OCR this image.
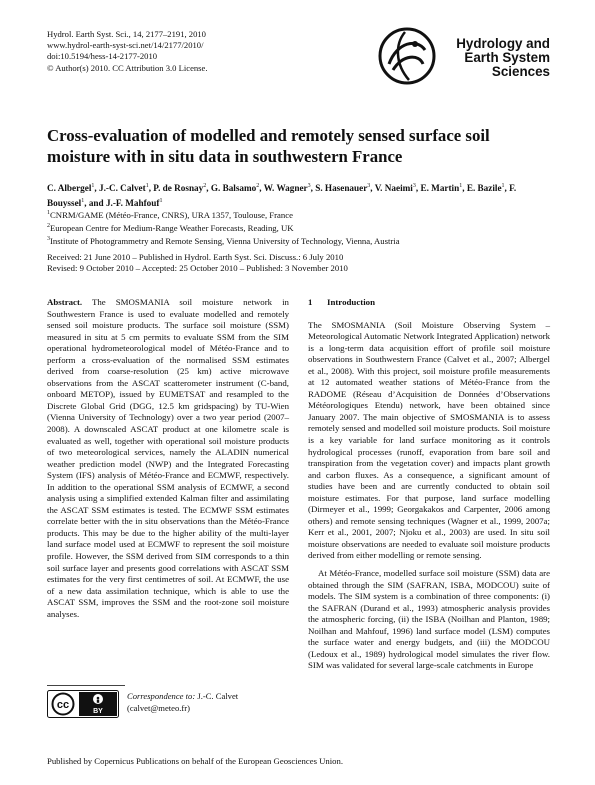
Hydrol. Earth Syst. Sci., 14, 2177–2191, 2010
www.hydrol-earth-syst-sci.net/14/2177/2010/
doi:10.5194/hess-14-2177-2010
© Author(s) 2010. CC Attribution 3.0 License.
Hydrology and
Earth System
Sciences
Cross-evaluation of modelled and remotely sensed surface soil moisture with in situ data in southwestern France
C. Albergel$^1$, J.-C. Calvet$^1$, P. de Rosnay$^2$, G. Balsamo$^2$, W. Wagner$^3$, S. Hasenauer$^3$, V. Naeimi$^3$, E. Martin$^1$, E. Bazile$^1$, F. Bouyssel$^1$, and J.-F. Mahfouf$^1$
$^1$CNRM/GAME (Météo-France, CNRS), URA 1357, Toulouse, France
$^2$European Centre for Medium-Range Weather Forecasts, Reading, UK
$^3$Institute of Photogrammetry and Remote Sensing, Vienna University of Technology, Vienna, Austria
Received: 21 June 2010 – Published in Hydrol. Earth Syst. Sci. Discuss.: 6 July 2010
Revised: 9 October 2010 – Accepted: 25 October 2010 – Published: 3 November 2010
Abstract. The SMOSMANIA soil moisture network in Southwestern France is used to evaluate modelled and remotely sensed soil moisture products. The surface soil moisture (SSM) measured in situ at 5 cm permits to evaluate SSM from the SIM operational hydrometeorological model of Météo-France and to perform a cross-evaluation of the normalised SSM estimates derived from coarse-resolution (25 km) active microwave observations from the ASCAT scatterometer instrument (C-band, onboard METOP), issued by EUMETSAT and resampled to the Discrete Global Grid (DGG, 12.5 km gridspacing) by TU-Wien (Vienna University of Technology) over a two year period (2007–2008). A downscaled ASCAT product at one kilometre scale is evaluated as well, together with operational soil moisture products of two meteorological services, namely the ALADIN numerical weather prediction model (NWP) and the Integrated Forecasting System (IFS) analysis of Météo-France and ECMWF, respectively. In addition to the operational SSM analysis of ECMWF, a second analysis using a simplified extended Kalman filter and assimilating the ASCAT SSM estimates is tested. The ECMWF SSM estimates correlate better with the in situ observations than the Météo-France products. This may be due to the higher ability of the multi-layer land surface model used at ECMWF to represent the soil moisture profile. However, the SSM derived from SIM corresponds to a thin soil surface layer and presents good correlations with ASCAT SSM estimates for the very first centimetres of soil. At ECMWF, the use of a new data assimilation technique, which is able to use the ASCAT SSM, improves the SSM and the root-zone soil moisture analyses.
cc
BY
Correspondence to: J.-C. Calvet
(calvet@meteo.fr)
1 Introduction
The SMOSMANIA (Soil Moisture Observing System – Meteorological Automatic Network Integrated Application) network is a long-term data acquisition effort of profile soil moisture observations in Southwestern France (Calvet et al., 2007; Albergel et al., 2008). With this project, soil moisture profile measurements at 12 automated weather stations of Météo-France from the RADOME (Réseau d’Acquisition de Données d’Observations Météorologiques Etendu) network, have been obtained since January 2007. The main objective of SMOSMANIA is to assess remotely sensed and modelled soil moisture products. Soil moisture is a key variable for land surface monitoring as it controls hydrological processes (runoff, evaporation from bare soil and transpiration from the vegetation cover) and impacts plant growth and carbon fluxes. As a consequence, a significant amount of studies have been and are currently conducted to obtain soil moisture estimates. For that purpose, land surface modelling (Dirmeyer et al., 1999; Georgakakos and Carpenter, 2006 among others) and remote sensing techniques (Wagner et al., 1999, 2007a; Kerr et al., 2001, 2007; Njoku et al., 2003) are used. In situ soil moisture observations are needed to evaluate soil moisture products derived from either modelling or remote sensing.
At Météo-France, modelled surface soil moisture (SSM) data are obtained through the SIM (SAFRAN, ISBA, MODCOU) suite of models. The SIM system is a combination of three components: (i) the SAFRAN (Durand et al., 1993) atmospheric analysis provides the atmospheric forcing, (ii) the ISBA (Noilhan and Planton, 1989; Noilhan and Mahfouf, 1996) land surface model (LSM) computes the surface water and energy budgets, and (iii) the MODCOU (Ledoux et al., 1989) hydrological model simulates the river flow. SIM was validated for several large-scale catchments in Europe
Published by Copernicus Publications on behalf of the European Geosciences Union.
